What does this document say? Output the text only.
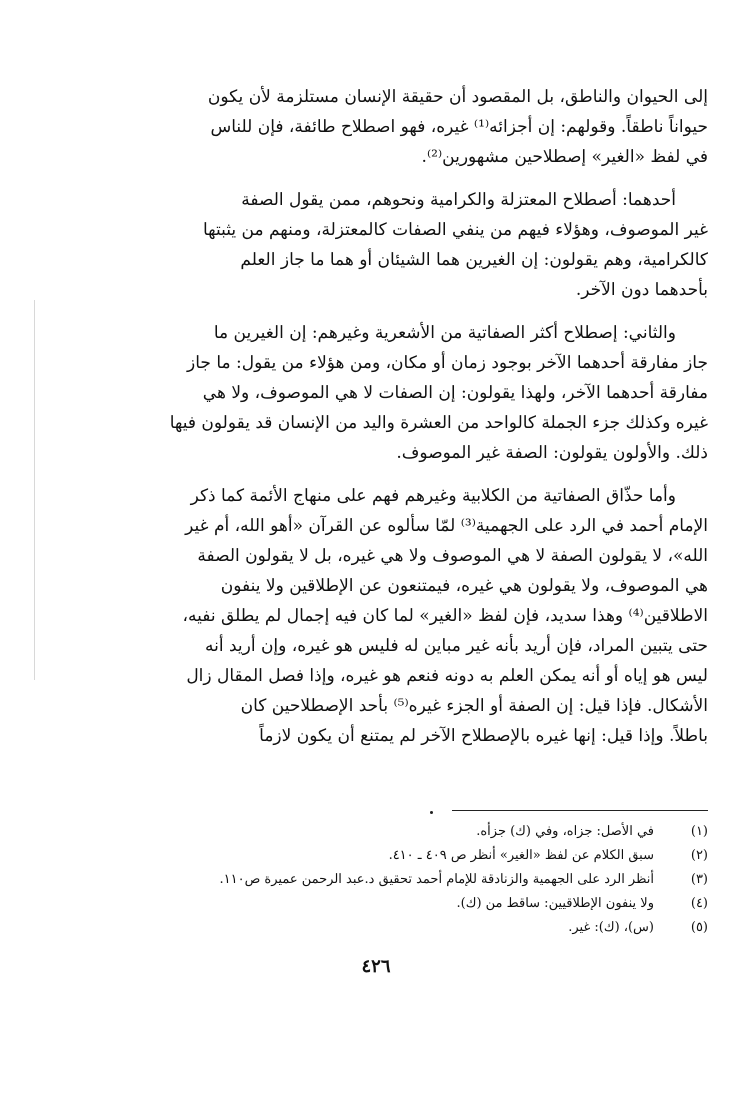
إلى الحيوان والناطق، بل المقصود أن حقيقة الإنسان مستلزمة لأن يكون
حيواناً ناطقاً. وقولهم: إن أجزائه⁽¹⁾ غيره، فهو اصطلاح طائفة، فإن للناس
في لفظ «الغير» إصطلاحين مشهورين⁽²⁾.
أحدهما: أصطلاح المعتزلة والكرامية ونحوهم، ممن يقول الصفة
غير الموصوف، وهؤلاء فيهم من ينفي الصفات كالمعتزلة، ومنهم من يثبتها
كالكرامية، وهم يقولون: إن الغيرين هما الشيئان أو هما ما جاز العلم
بأحدهما دون الآخر.
والثاني: إصطلاح أكثر الصفاتية من الأشعرية وغيرهم: إن الغيرين ما
جاز مفارقة أحدهما الآخر بوجود زمان أو مكان، ومن هؤلاء من يقول: ما جاز
مفارقة أحدهما الآخر، ولهذا يقولون: إن الصفات لا هي الموصوف، ولا هي
غيره وكذلك جزء الجملة كالواحد من العشرة واليد من الإنسان قد يقولون فيها
ذلك. والأولون يقولون: الصفة غير الموصوف.
وأما حذّاق الصفاتية من الكلابية وغيرهم فهم على منهاج الأئمة كما ذكر
الإمام أحمد في الرد على الجهمية⁽³⁾ لمّا سألوه عن القرآن «أهو الله، أم غير
الله»، لا يقولون الصفة لا هي الموصوف ولا هي غيره، بل لا يقولون الصفة
هي الموصوف، ولا يقولون هي غيره، فيمتنعون عن الإطلاقين ولا ينفون
الاطلاقين⁽⁴⁾ وهذا سديد، فإن لفظ «الغير» لما كان فيه إجمال لم يطلق نفيه،
حتى يتبين المراد، فإن أريد بأنه غير مباين له فليس هو غيره، وإن أريد أنه
ليس هو إياه أو أنه يمكن العلم به دونه فنعم هو غيره، وإذا فصل المقال زال
الأشكال. فإذا قيل: إن الصفة أو الجزء غيره⁽⁵⁾ بأحد الإصطلاحين كان
باطلاً. وإذا قيل: إنها غيره بالإصطلاح الآخر لم يمتنع أن يكون لازماً
(١)
في الأصل: جزاه، وفي (ك) جزأه.
(٢)
سبق الكلام عن لفظ «الغير» أنظر ص ٤٠٩ ـ ٤١٠.
(٣)
أنظر الرد على الجهمية والزنادقة للإمام أحمد تحقيق د.عبد الرحمن عميرة ص١١٠.
(٤)
ولا ينفون الإطلاقيين: ساقط من (ك).
(٥)
(س)، (ك): غير.
٤٢٦
